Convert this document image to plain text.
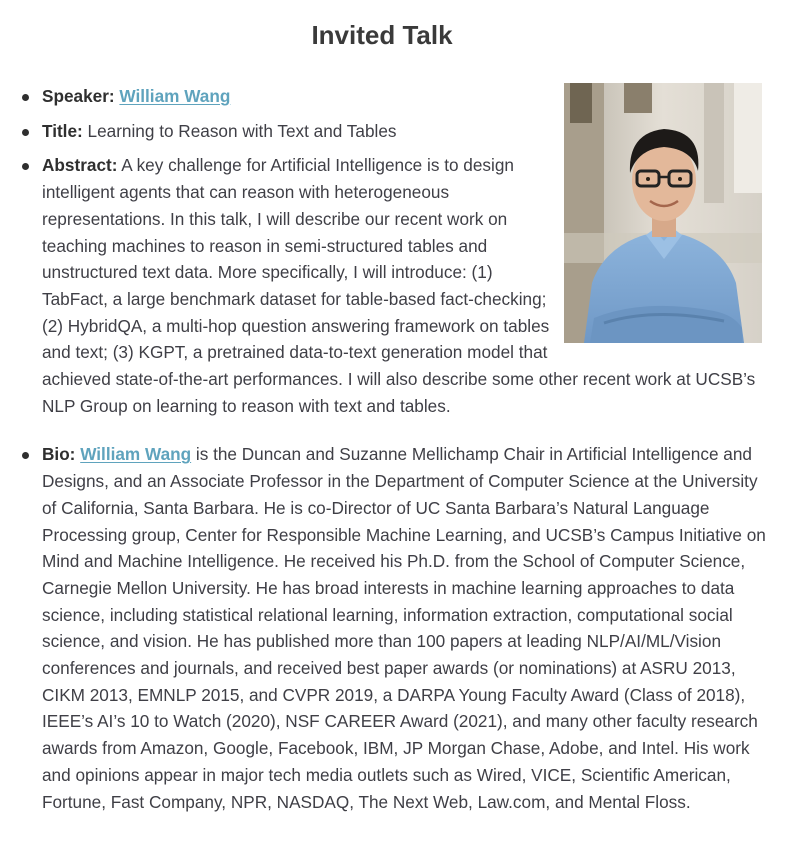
Invited Talk
Speaker: William Wang
Title: Learning to Reason with Text and Tables
Abstract: A key challenge for Artificial Intelligence is to design intelligent agents that can reason with heterogeneous representations. In this talk, I will describe our recent work on teaching machines to reason in semi-structured tables and unstructured text data. More specifically, I will introduce: (1) TabFact, a large benchmark dataset for table-based fact-checking; (2) HybridQA, a multi-hop question answering framework on tables and text; (3) KGPT, a pretrained data-to-text generation model that achieved state-of-the-art performances. I will also describe some other recent work at UCSB’s NLP Group on learning to reason with text and tables.
Bio: William Wang is the Duncan and Suzanne Mellichamp Chair in Artificial Intelligence and Designs, and an Associate Professor in the Department of Computer Science at the University of California, Santa Barbara. He is co-Director of UC Santa Barbara’s Natural Language Processing group, Center for Responsible Machine Learning, and UCSB’s Campus Initiative on Mind and Machine Intelligence. He received his Ph.D. from the School of Computer Science, Carnegie Mellon University. He has broad interests in machine learning approaches to data science, including statistical relational learning, information extraction, computational social science, and vision. He has published more than 100 papers at leading NLP/AI/ML/Vision conferences and journals, and received best paper awards (or nominations) at ASRU 2013, CIKM 2013, EMNLP 2015, and CVPR 2019, a DARPA Young Faculty Award (Class of 2018), IEEE’s AI’s 10 to Watch (2020), NSF CAREER Award (2021), and many other faculty research awards from Amazon, Google, Facebook, IBM, JP Morgan Chase, Adobe, and Intel. His work and opinions appear in major tech media outlets such as Wired, VICE, Scientific American, Fortune, Fast Company, NPR, NASDAQ, The Next Web, Law.com, and Mental Floss.
